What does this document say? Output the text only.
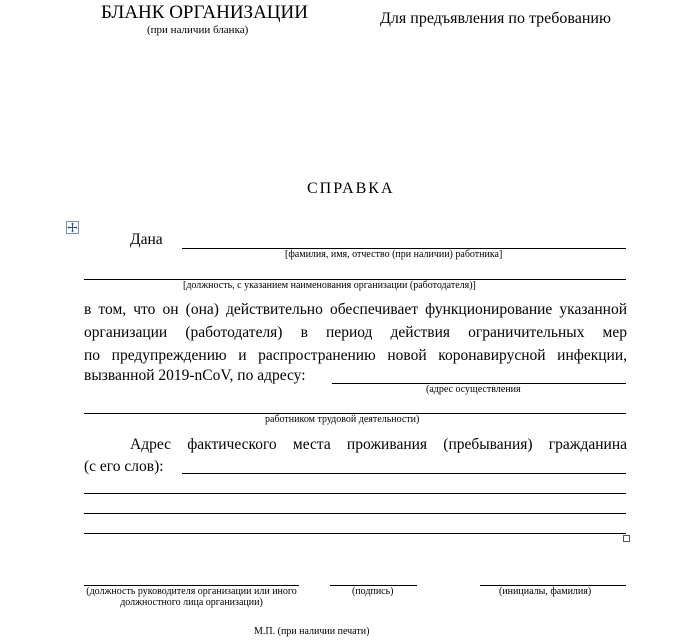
БЛАНК ОРГАНИЗАЦИИ
(при наличии бланка)
Для предъявления по требованию
СПРАВКА
Дана
[фамилия, имя, отчество (при наличии) работника]
[должность, с указанием наименования организации (работодателя)]
в том, что он (она) действительно обеспечивает функционирование указанной
организации (работодателя) в период действия ограничительных мер
по предупреждению и распространению новой коронавирусной инфекции,
вызванной 2019-nCoV, по адресу:
(адрес осуществления
работником трудовой деятельности)
Адрес фактического места проживания (пребывания) гражданина
(с его слов):
(должность руководителя организации или иного должностного лица организации)
(подпись)	(инициалы, фамилия)
М.П. (при наличии печати)
